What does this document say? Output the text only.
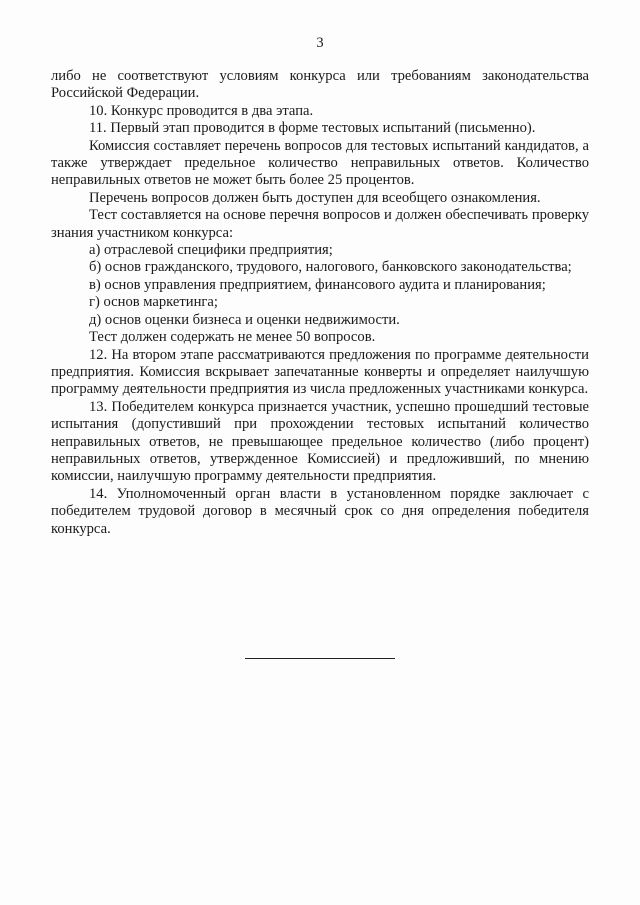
3

либо не соответствуют условиям конкурса или требованиям законодательства Российской Федерации.

10. Конкурс проводится в два этапа.

11. Первый этап проводится в форме тестовых испытаний (письменно).

Комиссия составляет перечень вопросов для тестовых испытаний кандидатов, а также утверждает предельное количество неправильных ответов. Количество неправильных ответов не может быть более 25 процентов.

Перечень вопросов должен быть доступен для всеобщего ознакомления.

Тест составляется на основе перечня вопросов и должен обеспечивать проверку знания участником конкурса:

а) отраслевой специфики предприятия;

б) основ гражданского, трудового, налогового, банковского законодательства;

в) основ управления предприятием, финансового аудита и планирования;

г) основ маркетинга;

д) основ оценки бизнеса и оценки недвижимости.

Тест должен содержать не менее 50 вопросов.

12. На втором этапе рассматриваются предложения по программе деятельности предприятия. Комиссия вскрывает запечатанные конверты и определяет наилучшую программу деятельности предприятия из числа предложенных участниками конкурса.

13. Победителем конкурса признается участник, успешно прошедший тестовые испытания (допустивший при прохождении тестовых испытаний количество неправильных ответов, не превышающее предельное количество (либо процент) неправильных ответов, утвержденное Комиссией) и предложивший, по мнению комиссии, наилучшую программу деятельности предприятия.

14. Уполномоченный орган власти в установленном порядке заключает с победителем трудовой договор в месячный срок со дня определения победителя конкурса.
